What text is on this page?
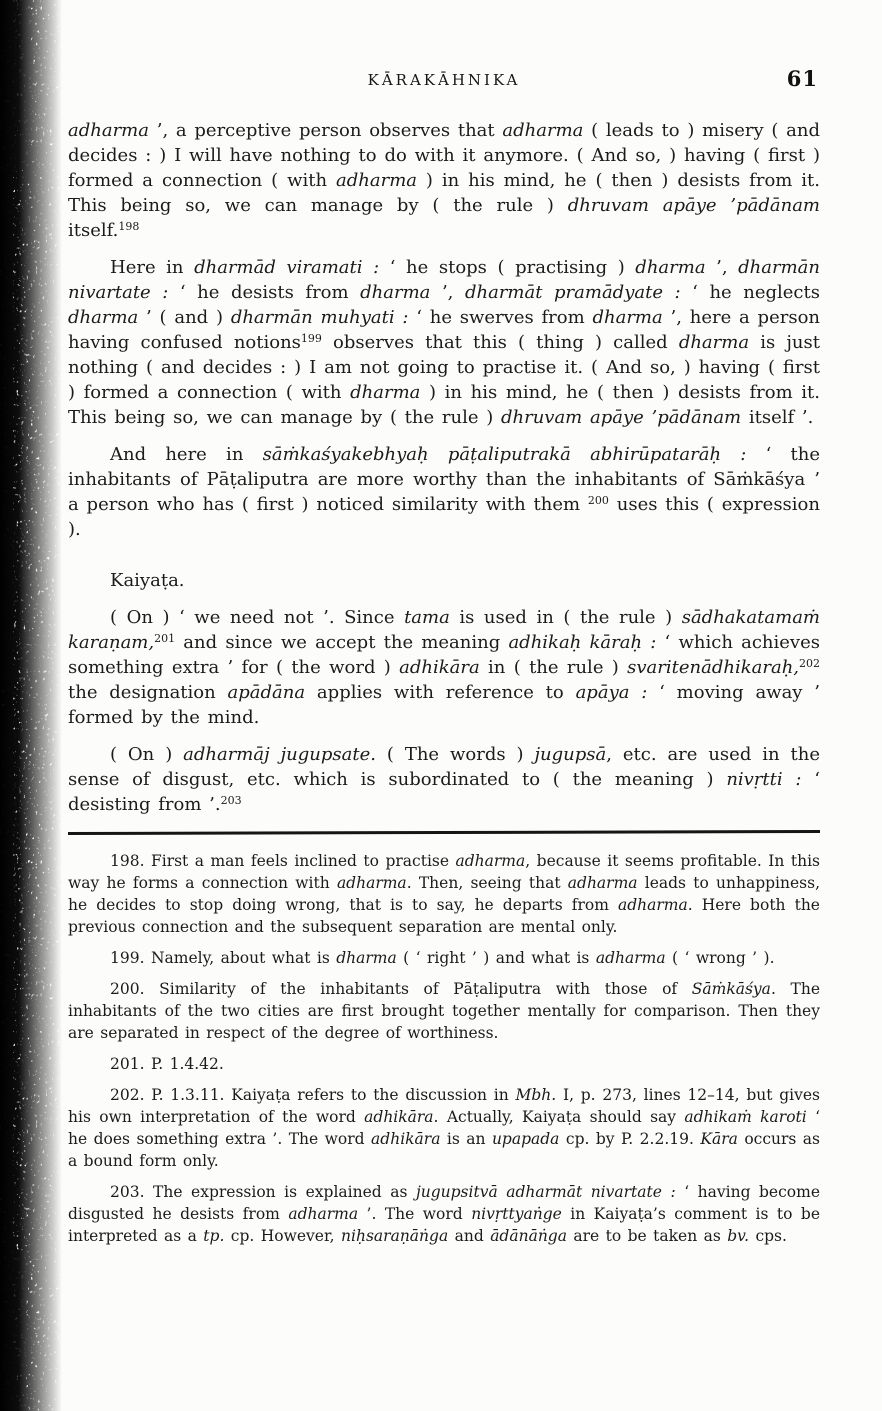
KĀRAKĀHNIKA	61

adharma ’, a perceptive person observes that adharma ( leads to ) misery ( and decides : ) I will have nothing to do with it anymore. ( And so, ) having ( first ) formed a connection ( with adharma ) in his mind, he ( then ) desists from it. This being so, we can manage by ( the rule ) dhruvam apāye ’pādānam itself.$^{198}$

Here in dharmād viramati : ‘ he stops ( practising ) dharma ’, dharmān nivartate : ‘ he desists from dharma ’, dharmāt pramādyate : ‘ he neglects dharma ’ ( and ) dharmān muhyati : ‘ he swerves from dharma ’, here a person having confused notions$^{199}$ observes that this ( thing ) called dharma is just nothing ( and decides : ) I am not going to practise it. ( And so, ) having ( first ) formed a connection ( with dharma ) in his mind, he ( then ) desists from it. This being so, we can manage by ( the rule ) dhruvam apāye ’pādānam itself ’.

And here in sāṁkaśyakebhyaḥ pāṭaliputrakā abhirūpatarāḥ : ‘ the inhabitants of Pāṭaliputra are more worthy than the inhabitants of Sāṁkāśya ’ a person who has ( first ) noticed similarity with them $^{200}$ uses this ( expression ).

Kaiyaṭa.

( On ) ‘ we need not ’. Since tama is used in ( the rule ) sādhakatamaṁ karaṇam,$^{201}$ and since we accept the meaning adhikaḥ kāraḥ : ‘ which achieves something extra ’ for ( the word ) adhikāra in ( the rule ) svaritenādhikaraḥ,$^{202}$ the designation apādāna applies with reference to apāya : ‘ moving away ’ formed by the mind.

( On ) adharmāj jugupsate. ( The words ) jugupsā, etc. are used in the sense of disgust, etc. which is subordinated to ( the meaning ) nivṛtti : ‘ desisting from ’.$^{203}$

198. First a man feels inclined to practise adharma, because it seems profitable. In this way he forms a connection with adharma. Then, seeing that adharma leads to unhappiness, he decides to stop doing wrong, that is to say, he departs from adharma. Here both the previous connection and the subsequent separation are mental only.

199. Namely, about what is dharma ( ‘ right ’ ) and what is adharma ( ‘ wrong ’ ).

200. Similarity of the inhabitants of Pāṭaliputra with those of Sāṁkāśya. The inhabitants of the two cities are first brought together mentally for comparison. Then they are separated in respect of the degree of worthiness.

201. P. 1.4.42.

202. P. 1.3.11. Kaiyaṭa refers to the discussion in Mbh. I, p. 273, lines 12–14, but gives his own interpretation of the word adhikāra. Actually, Kaiyaṭa should say adhikaṁ karoti ‘ he does something extra ’. The word adhikāra is an upapada cp. by P. 2.2.19. Kāra occurs as a bound form only.

203. The expression is explained as jugupsitvā adharmāt nivartate : ‘ having become disgusted he desists from adharma ’. The word nivṛttyaṅge in Kaiyaṭa’s comment is to be interpreted as a tp. cp. However, niḥsaraṇāṅga and ādānāṅga are to be taken as bv. cps.
